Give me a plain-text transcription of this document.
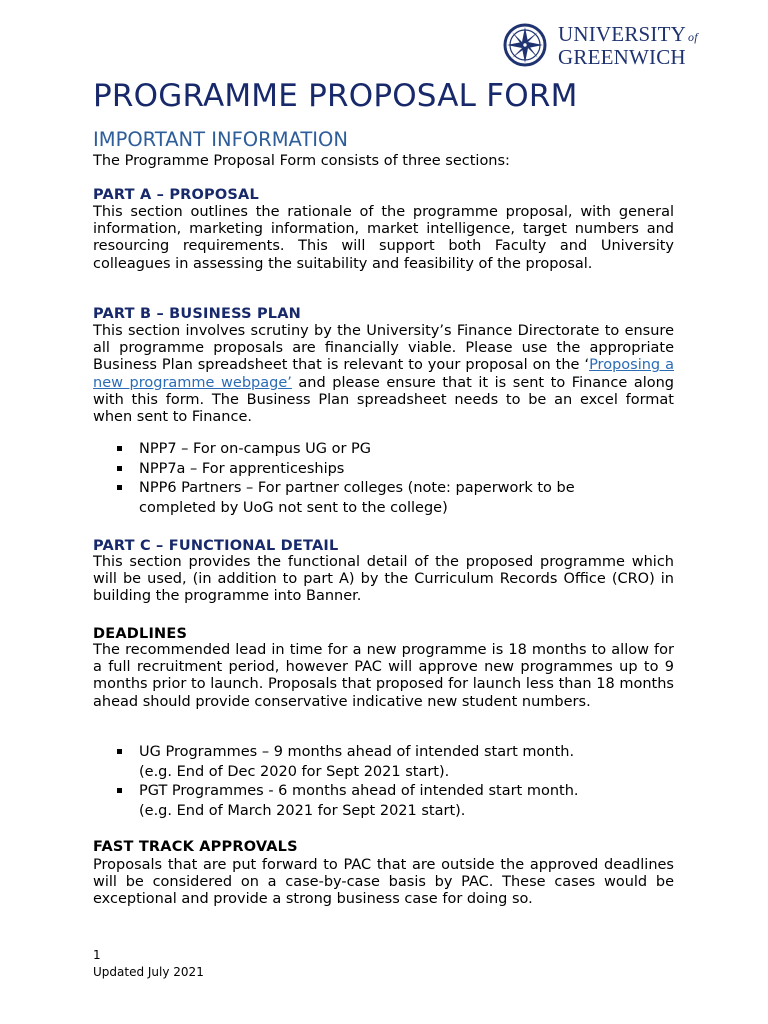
UNIVERSITY of
GREENWICH
PROGRAMME PROPOSAL FORM
IMPORTANT INFORMATION

The Programme Proposal Form consists of three sections:

PART A – PROPOSAL

This section outlines the rationale of the programme proposal, with general information, marketing information, market intelligence, target numbers and resourcing requirements. This will support both Faculty and University colleagues in assessing the suitability and feasibility of the proposal.

PART B – BUSINESS PLAN

This section involves scrutiny by the University’s Finance Directorate to ensure all programme proposals are financially viable. Please use the appropriate Business Plan spreadsheet that is relevant to your proposal on the ‘Proposing a new programme webpage’ and please ensure that it is sent to Finance along with this form. The Business Plan spreadsheet needs to be an excel format when sent to Finance.

NPP7 – For on-campus UG or PG
NPP7a – For apprenticeships
NPP6 Partners – For partner colleges (note: paperwork to be
completed by UoG not sent to the college)
PART C – FUNCTIONAL DETAIL

This section provides the functional detail of the proposed programme which will be used, (in addition to part A) by the Curriculum Records Office (CRO) in building the programme into Banner.

DEADLINES

The recommended lead in time for a new programme is 18 months to allow for a full recruitment period, however PAC will approve new programmes up to 9 months prior to launch. Proposals that proposed for launch less than 18 months ahead should provide conservative indicative new student numbers.

UG Programmes – 9 months ahead of intended start month.
(e.g. End of Dec 2020 for Sept 2021 start).
PGT Programmes - 6 months ahead of intended start month.
(e.g. End of March 2021 for Sept 2021 start).
FAST TRACK APPROVALS

Proposals that are put forward to PAC that are outside the approved deadlines will be considered on a case-by-case basis by PAC. These cases would be exceptional and provide a strong business case for doing so.

1
Updated July 2021
